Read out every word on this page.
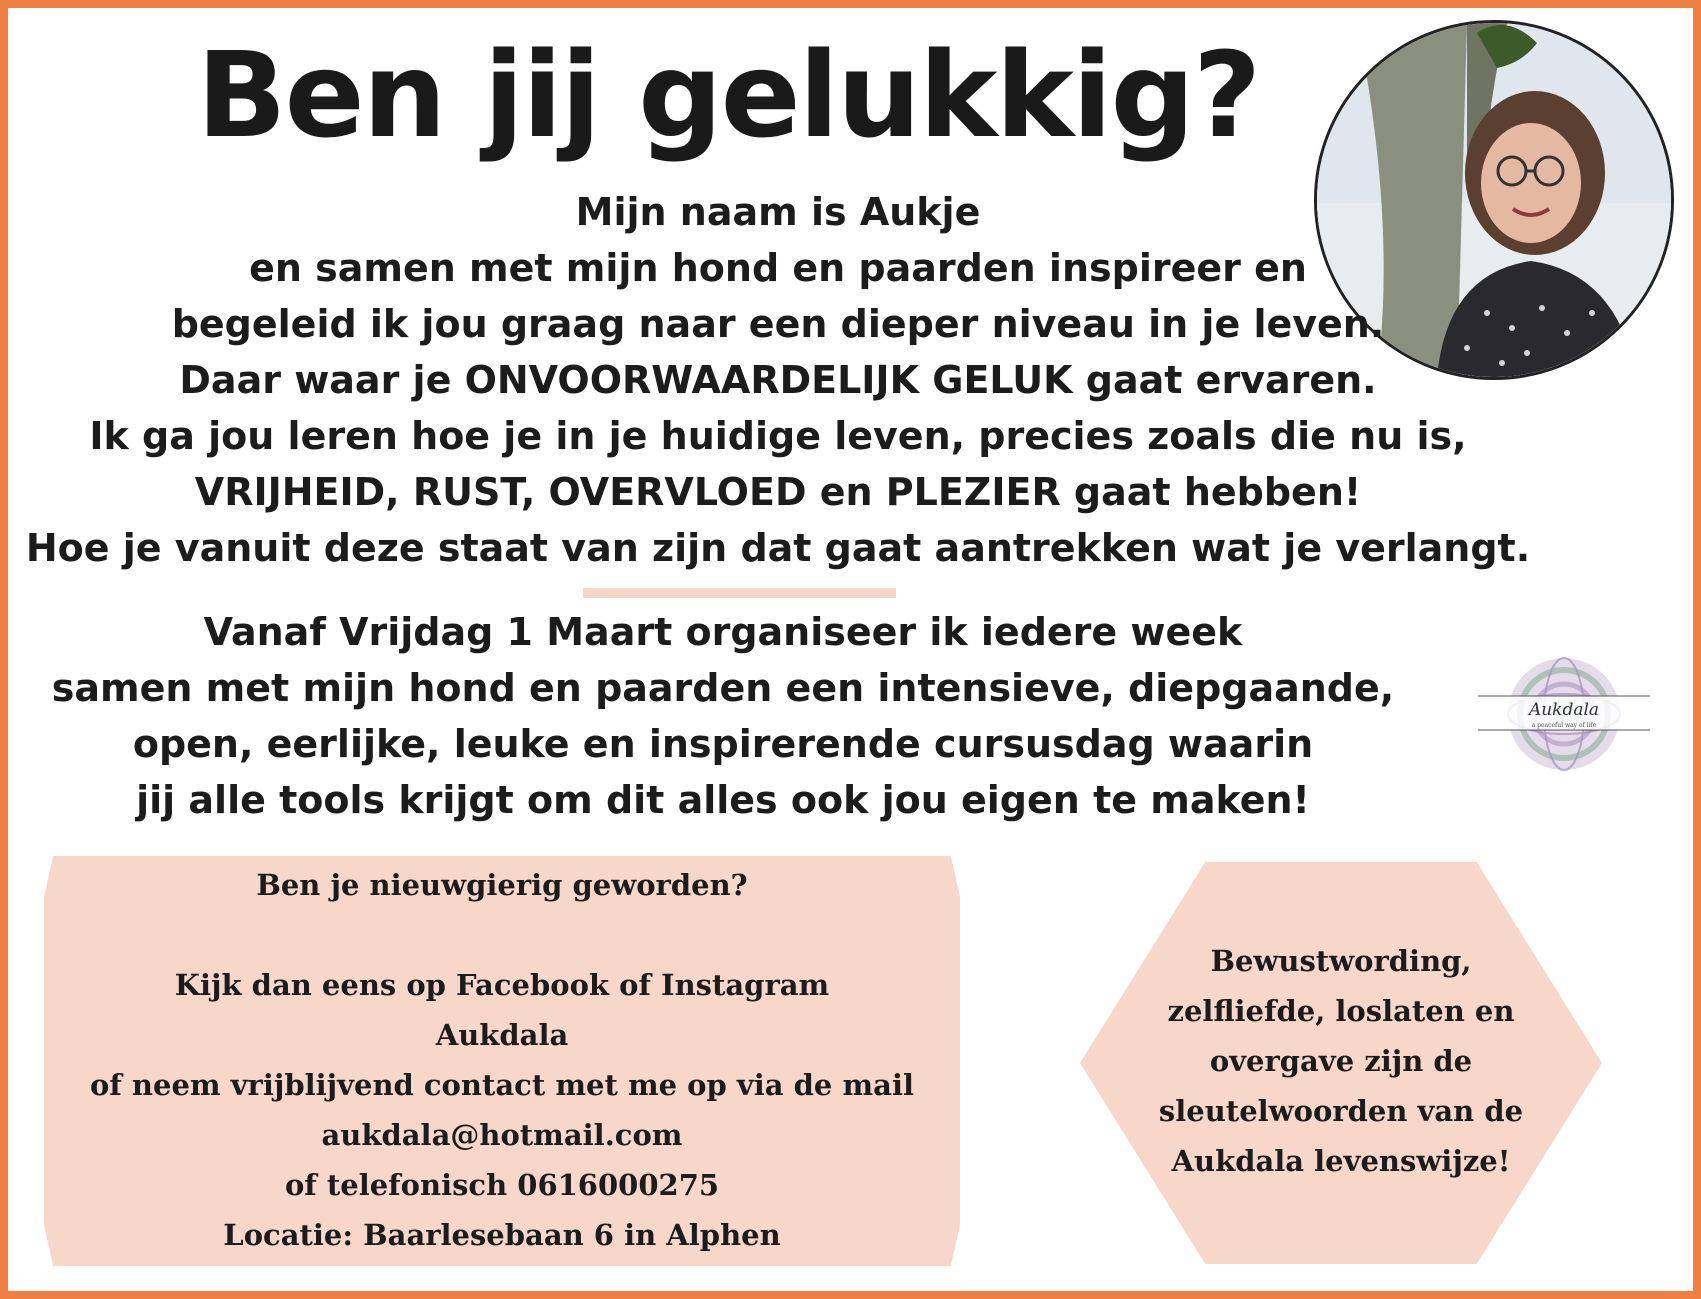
Ben jij gelukkig?
Mijn naam is Aukje
en samen met mijn hond en paarden inspireer en
begeleid ik jou graag naar een dieper niveau in je leven.
Daar waar je ONVOORWAARDELIJK GELUK gaat ervaren.
Ik ga jou leren hoe je in je huidige leven, precies zoals die nu is,
VRIJHEID, RUST, OVERVLOED en PLEZIER gaat hebben!
Hoe je vanuit deze staat van zijn dat gaat aantrekken wat je verlangt.
Vanaf Vrijdag 1 Maart organiseer ik iedere week
samen met mijn hond en paarden een intensieve, diepgaande,
open, eerlijke, leuke en inspirerende cursusdag waarin
jij alle tools krijgt om dit alles ook jou eigen te maken!
Aukdala
a peaceful way of life
Ben je nieuwgierig geworden?
Kijk dan eens op Facebook of Instagram
Aukdala
of neem vrijblijvend contact met me op via de mail
aukdala@hotmail.com
of telefonisch 0616000275
Locatie: Baarlesebaan 6 in Alphen
Bewustwording,
zelfliefde, loslaten en
overgave zijn de
sleutelwoorden van de
Aukdala levenswijze!
